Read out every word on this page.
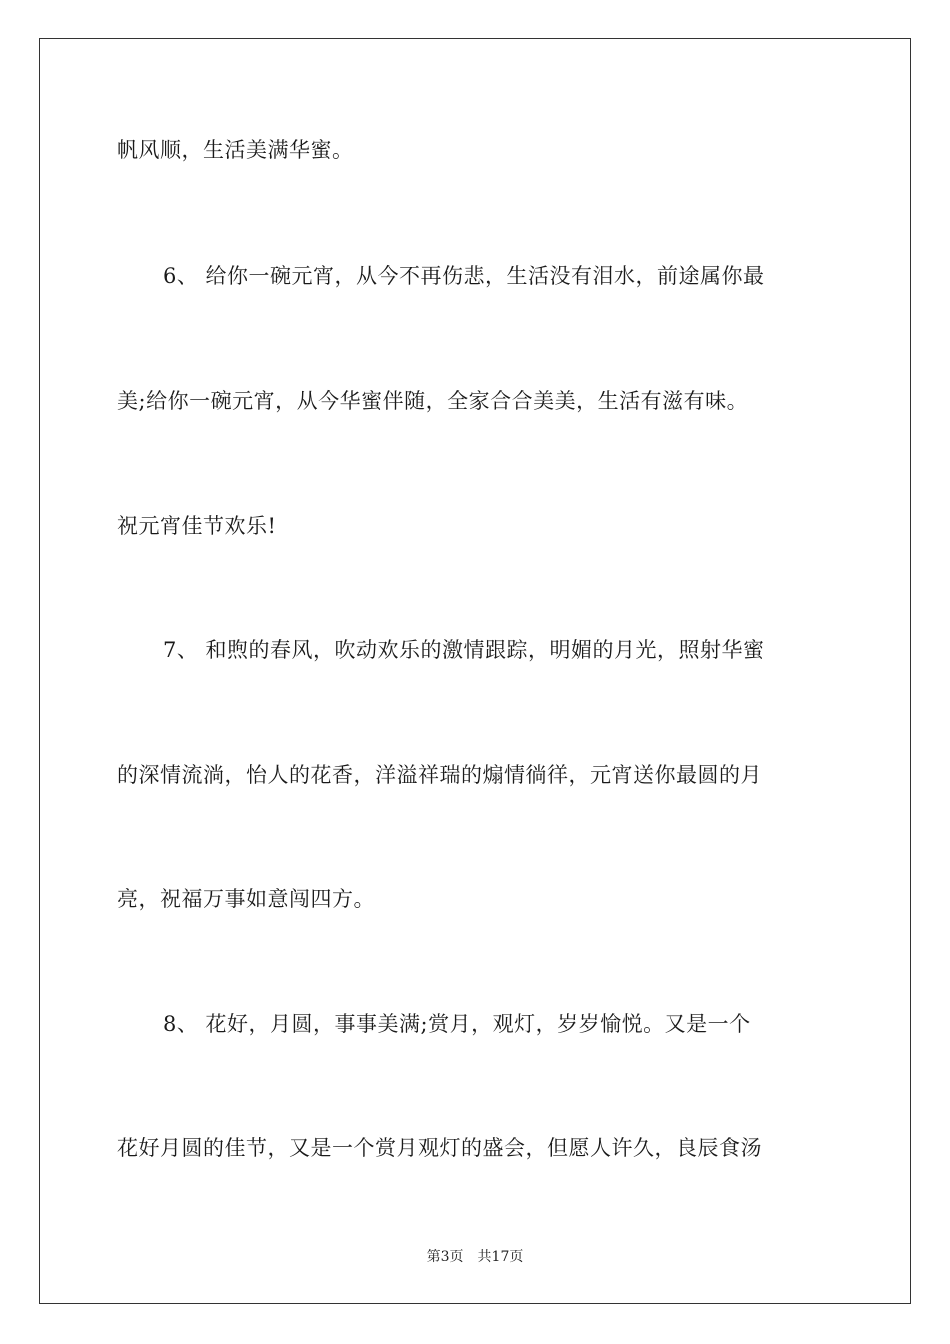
帆风顺，生活美满华蜜。
6、 给你一碗元宵，从今不再伤悲，生活没有泪水，前途属你最
美;给你一碗元宵，从今华蜜伴随，全家合合美美，生活有滋有味。
祝元宵佳节欢乐!
7、 和煦的春风，吹动欢乐的激情跟踪，明媚的月光，照射华蜜
的深情流淌，怡人的花香，洋溢祥瑞的煽情徜徉，元宵送你最圆的月
亮，祝福万事如意闯四方。
8、 花好，月圆，事事美满;赏月，观灯，岁岁愉悦。又是一个
花好月圆的佳节，又是一个赏月观灯的盛会，但愿人许久，良辰食汤
第3页 共17页
